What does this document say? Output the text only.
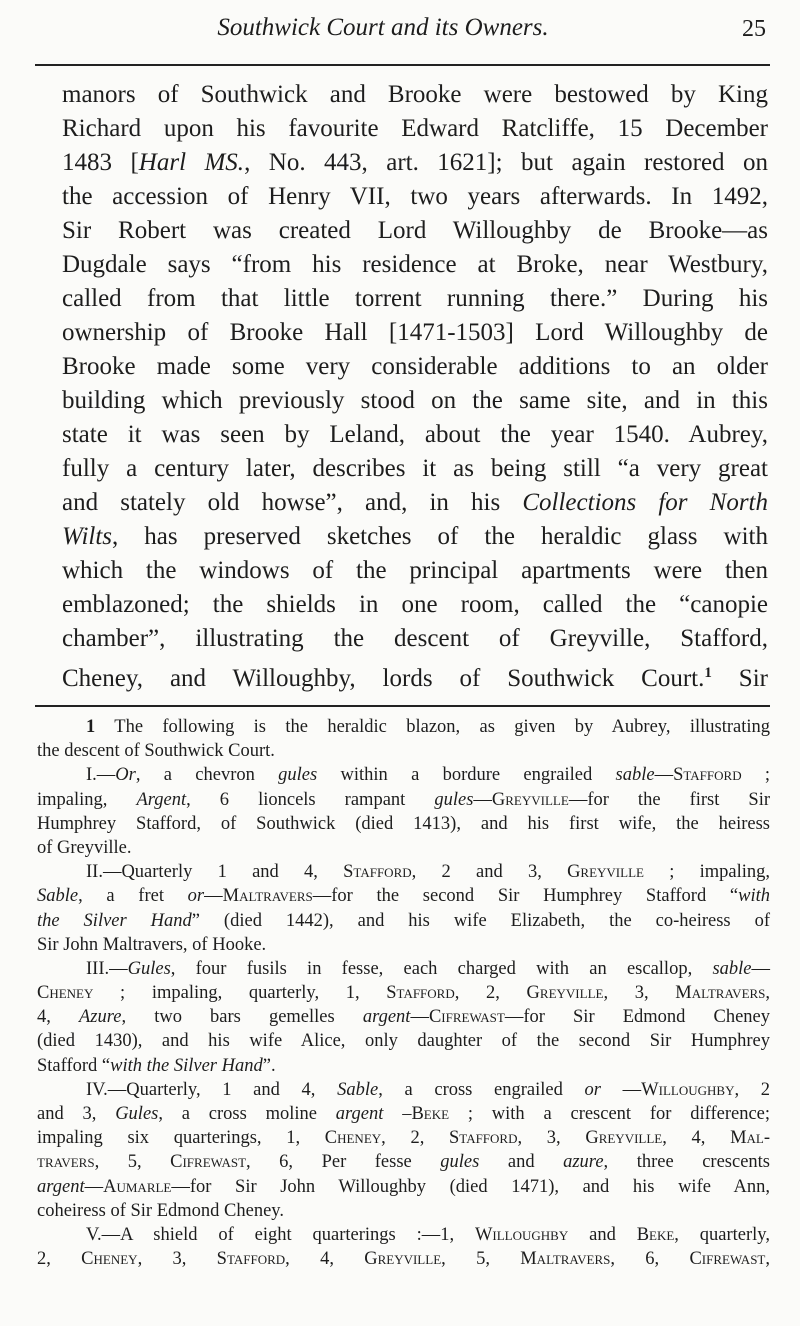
Southwick Court and its Owners.	25
manors of Southwick and Brooke were bestowed by King
Richard upon his favourite Edward Ratcliffe, 15 December
1483 [Harl MS., No. 443, art. 1621]; but again restored on
the accession of Henry VII, two years afterwards. In 1492,
Sir Robert was created Lord Willoughby de Brooke—as
Dugdale says “from his residence at Broke, near Westbury,
called from that little torrent running there.” During his
ownership of Brooke Hall [1471-1503] Lord Willoughby de
Brooke made some very considerable additions to an older
building which previously stood on the same site, and in this
state it was seen by Leland, about the year 1540. Aubrey,
fully a century later, describes it as being still “a very great
and stately old howse”, and, in his Collections for North
Wilts, has preserved sketches of the heraldic glass with
which the windows of the principal apartments were then
emblazoned; the shields in one room, called the “canopie
chamber”, illustrating the descent of Greyville, Stafford,
Cheney, and Willoughby, lords of Southwick Court.$^1$ Sir
1 The following is the heraldic blazon, as given by Aubrey, illustrating
the descent of Southwick Court.
I.—Or, a chevron gules within a bordure engrailed sable—Stafford ;
impaling, Argent, 6 lioncels rampant gules—Greyville—for the first Sir
Humphrey Stafford, of Southwick (died 1413), and his first wife, the heiress
of Greyville.
II.—Quarterly 1 and 4, Stafford, 2 and 3, Greyville ; impaling,
Sable, a fret or—Maltravers—for the second Sir Humphrey Stafford “with
the Silver Hand” (died 1442), and his wife Elizabeth, the co-heiress of
Sir John Maltravers, of Hooke.
III.—Gules, four fusils in fesse, each charged with an escallop, sable—
Cheney ; impaling, quarterly, 1, Stafford, 2, Greyville, 3, Maltravers,
4, Azure, two bars gemelles argent—Cifrewast—for Sir Edmond Cheney
(died 1430), and his wife Alice, only daughter of the second Sir Humphrey
Stafford “with the Silver Hand”.
IV.—Quarterly, 1 and 4, Sable, a cross engrailed or —Willoughby, 2
and 3, Gules, a cross moline argent –Beke ; with a crescent for difference;
impaling six quarterings, 1, Cheney, 2, Stafford, 3, Greyville, 4, Mal-
travers, 5, Cifrewast, 6, Per fesse gules and azure, three crescents
argent—Aumarle—for Sir John Willoughby (died 1471), and his wife Ann,
coheiress of Sir Edmond Cheney.
V.—A shield of eight quarterings :—1, Willoughby and Beke, quarterly,
2, Cheney, 3, Stafford, 4, Greyville, 5, Maltravers, 6, Cifrewast,
